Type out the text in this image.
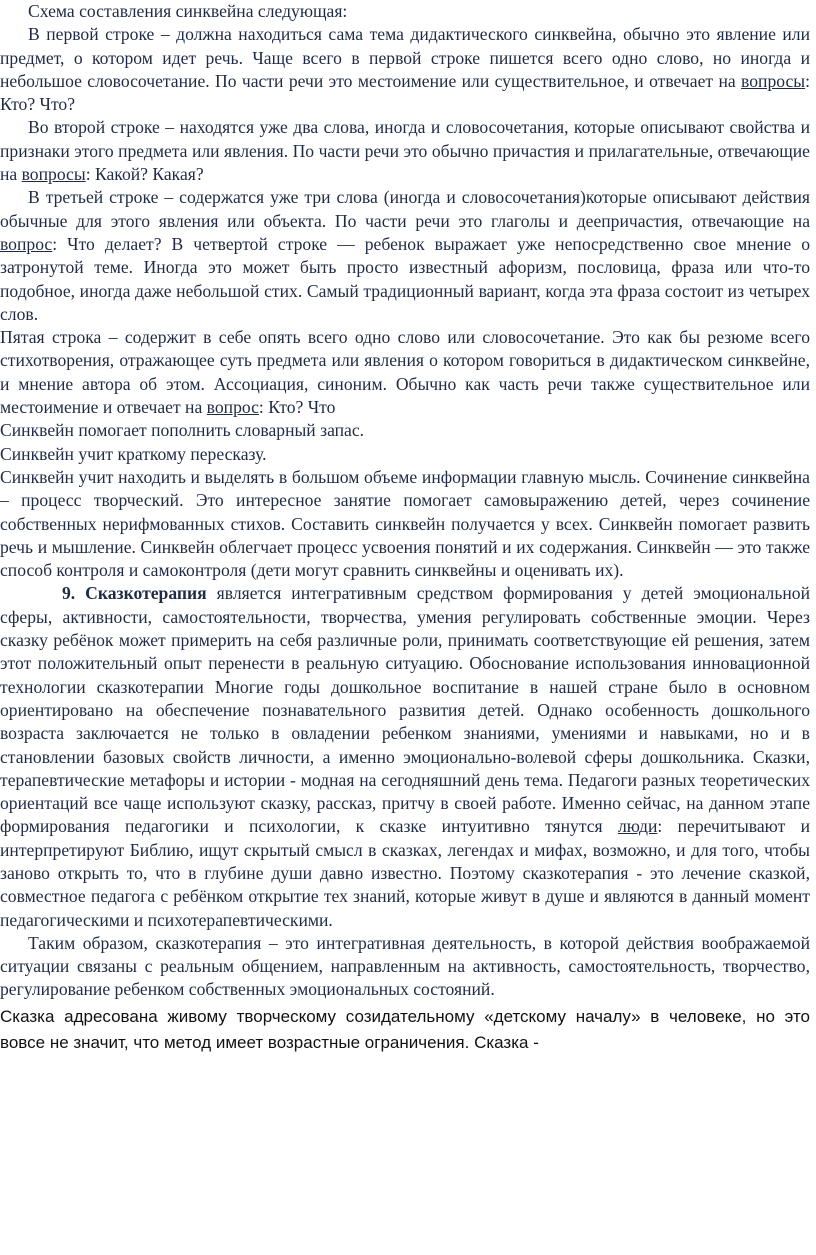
Схема составления синквейна следующая:

В первой строке – должна находиться сама тема дидактического синквейна, обычно это явление или предмет, о котором идет речь. Чаще всего в первой строке пишется всего одно слово, но иногда и небольшое словосочетание. По части речи это местоимение или существительное, и отвечает на вопросы: Кто? Что?

Во второй строке – находятся уже два слова, иногда и словосочетания, которые описывают свойства и признаки этого предмета или явления. По части речи это обычно причастия и прилагательные, отвечающие на вопросы: Какой? Какая?

В третьей строке – содержатся уже три слова (иногда и словосочетания)которые описывают действия обычные для этого явления или объекта. По части речи это глаголы и деепричастия, отвечающие на вопрос: Что делает? В четвертой строке — ребенок выражает уже непосредственно свое мнение о затронутой теме. Иногда это может быть просто известный афоризм, пословица, фраза или что-то подобное, иногда даже небольшой стих. Самый традиционный вариант, когда эта фраза состоит из четырех слов.

Пятая строка – содержит в себе опять всего одно слово или словосочетание. Это как бы резюме всего стихотворения, отражающее суть предмета или явления о котором говориться в дидактическом синквейне, и мнение автора об этом. Ассоциация, синоним. Обычно как часть речи также существительное или местоимение и отвечает на вопрос: Кто? Что

Синквейн помогает пополнить словарный запас.

Синквейн учит краткому пересказу.

Синквейн учит находить и выделять в большом объеме информации главную мысль. Сочинение синквейна – процесс творческий. Это интересное занятие помогает самовыражению детей, через сочинение собственных нерифмованных стихов. Составить синквейн получается у всех. Синквейн помогает развить речь и мышление. Синквейн облегчает процесс усвоения понятий и их содержания. Синквейн — это также способ контроля и самоконтроля (дети могут сравнить синквейны и оценивать их).

9. Сказкотерапия является интегративным средством формирования у детей эмоциональной сферы, активности, самостоятельности, творчества, умения регулировать собственные эмоции. Через сказку ребёнок может примерить на себя различные роли, принимать соответствующие ей решения, затем этот положительный опыт перенести в реальную ситуацию. Обоснование использования инновационной технологии сказкотерапии Многие годы дошкольное воспитание в нашей стране было в основном ориентировано на обеспечение познавательного развития детей. Однако особенность дошкольного возраста заключается не только в овладении ребенком знаниями, умениями и навыками, но и в становлении базовых свойств личности, а именно эмоционально-волевой сферы дошкольника. Сказки, терапевтические метафоры и истории - модная на сегодняшний день тема. Педагоги разных теоретических ориентаций все чаще используют сказку, рассказ, притчу в своей работе. Именно сейчас, на данном этапе формирования педагогики и психологии, к сказке интуитивно тянутся люди: перечитывают и интерпретируют Библию, ищут скрытый смысл в сказках, легендах и мифах, возможно, и для того, чтобы заново открыть то, что в глубине души давно известно. Поэтому сказкотерапия - это лечение сказкой, совместное педагога с ребёнком открытие тех знаний, которые живут в душе и являются в данный момент педагогическими и психотерапевтическими.

Таким образом, сказкотерапия – это интегративная деятельность, в которой действия воображаемой ситуации связаны с реальным общением, направленным на активность, самостоятельность, творчество, регулирование ребенком собственных эмоциональных состояний.

Сказка адресована живому творческому созидательному «детскому началу» в человеке, но это вовсе не значит, что метод имеет возрастные ограничения. Сказка -
